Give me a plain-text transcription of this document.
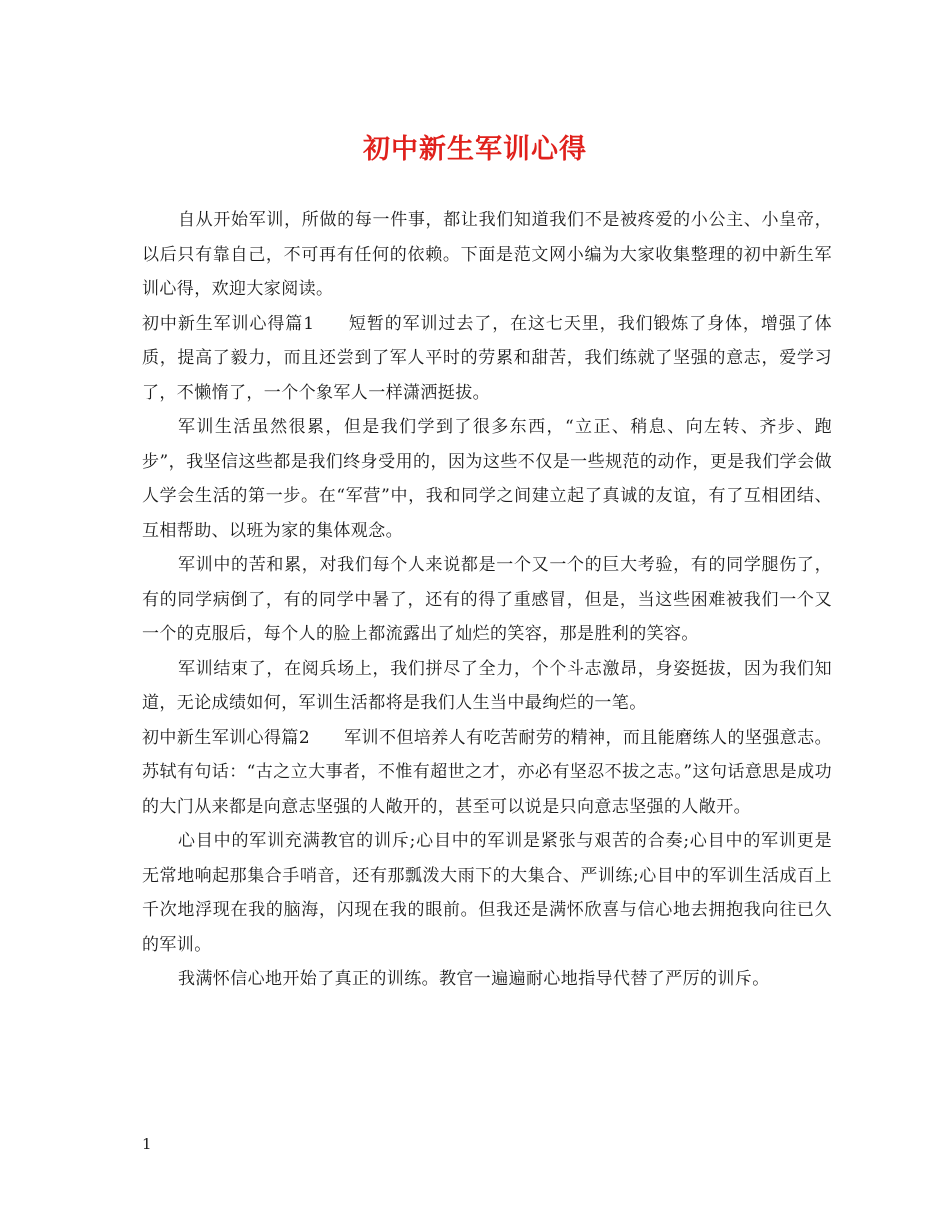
初中新生军训心得

自从开始军训，所做的每一件事，都让我们知道我们不是被疼爱的小公主、小皇帝，以后只有靠自己，不可再有任何的依赖。下面是范文网小编为大家收集整理的初中新生军训心得，欢迎大家阅读。

初中新生军训心得篇1 短暂的军训过去了，在这七天里，我们锻炼了身体，增强了体质，提高了毅力，而且还尝到了军人平时的劳累和甜苦，我们练就了坚强的意志，爱学习了，不懒惰了，一个个象军人一样潇洒挺拔。

军训生活虽然很累，但是我们学到了很多东西，“立正、稍息、向左转、齐步、跑步”，我坚信这些都是我们终身受用的，因为这些不仅是一些规范的动作，更是我们学会做人学会生活的第一步。在“军营”中，我和同学之间建立起了真诚的友谊，有了互相团结、互相帮助、以班为家的集体观念。

军训中的苦和累，对我们每个人来说都是一个又一个的巨大考验，有的同学腿伤了，有的同学病倒了，有的同学中暑了，还有的得了重感冒，但是，当这些困难被我们一个又一个的克服后，每个人的脸上都流露出了灿烂的笑容，那是胜利的笑容。

军训结束了，在阅兵场上，我们拼尽了全力，个个斗志激昂，身姿挺拔，因为我们知道，无论成绩如何，军训生活都将是我们人生当中最绚烂的一笔。

初中新生军训心得篇2 军训不但培养人有吃苦耐劳的精神，而且能磨练人的坚强意志。苏轼有句话：“古之立大事者，不惟有超世之才，亦必有坚忍不拔之志。”这句话意思是成功的大门从来都是向意志坚强的人敞开的，甚至可以说是只向意志坚强的人敞开。

心目中的军训充满教官的训斥;心目中的军训是紧张与艰苦的合奏;心目中的军训更是无常地响起那集合手哨音，还有那瓢泼大雨下的大集合、严训练;心目中的军训生活成百上千次地浮现在我的脑海，闪现在我的眼前。但我还是满怀欣喜与信心地去拥抱我向往已久的军训。

我满怀信心地开始了真正的训练。教官一遍遍耐心地指导代替了严厉的训斥。

1
